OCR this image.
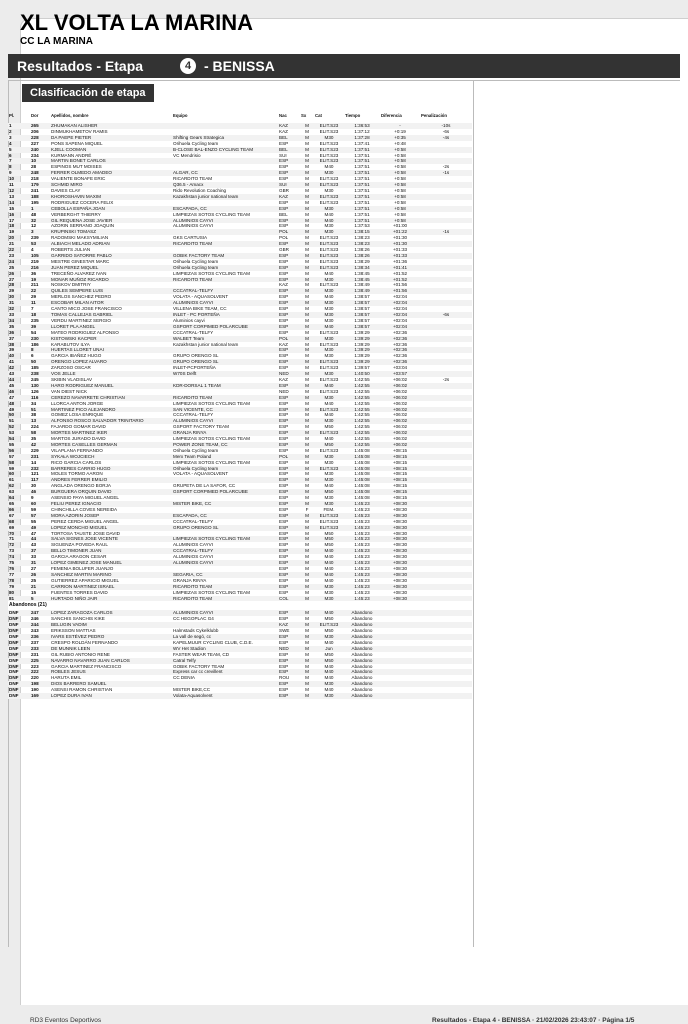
XL VOLTA LA MARINA
CC LA MARINA
Resultados - Etapa	4 - BENISSA
Clasificación de etapa
Pl.	Dor	Apellidos, nombre	Equipo	Nac	Sx	Cat	Tiempo	Diferencia	Penalización
1	265	ZHUMAKAN ALISHER		KAZ	M	ELIT.S23	1:36:53	-	-10s
2	206	DINMUKHAMETOV RAMIS		KAZ	M	ELIT.S23	1:37:12	+0:19	-6s
3	228	DA PAEPE PIETER	Shifting Gears Strategica	BEL	M	M30	1:37:28	+0:35	-4s
4	227	PONS SAPENA MIQUEL	Orihuela Cycling team	ESP	M	ELIT.S23	1:37:41	+0:48	
5	240	KJELL COOMAN	B-CLOSE BAL-ENZO CYCLING TEAM	BEL	M	ELIT.S23	1:37:51	+0:58	
6	234	KURMANN ANDRÉ	VC Mendrisio	SUI	M	ELIT.S23	1:37:51	+0:58	
7	10	MARTIN BONET CARLOS		ESP	M	ELIT.S23	1:37:51	+0:58	
8	28	ESPINOS MUT MOISES		ESP	M	M40	1:37:51	+0:58	-2s
9	248	FERRER OLMEDO AMADEO	ALGAR, CC	ESP	M	M30	1:37:51	+0:58	-1s
10	218	VALIENTE BONAFE ERIC	RICARDITO TEAM	ESP	M	ELIT.S23	1:37:51	+0:58	
11	179	SCHMID MIRO	Q36.5 - Amacx	SUI	M	ELIT.S23	1:37:51	+0:58	
12	241	DAVIES CLAY	Rido Revolution Coaching	GBR	M	M30	1:37:51	+0:58	
13	188	KHOROSHAVIN MAXIM	Kazakhstan junior national team	KAZ	M	ELIT.S23	1:37:51	+0:58	
14	195	RODRIGUEZ COCERA FELIX		ESP	M	ELIT.S23	1:37:51	+0:58	
15	1	CEBOLLA ESPAÑA JOAN	ESCAPADA, CC	ESP	M	M30	1:37:51	+0:58	
16	48	VERBERGHT THIERRY	LIMPIEZAS SOTOS CYCLING TEAM	BEL	M	M40	1:37:51	+0:58	
17	32	GIL REQUENA JOSE JAVIER	ALUMINIOS CAYVI	ESP	M	M40	1:37:51	+0:58	
18	12	AZORIN SERRANO JOAQUIN	ALUMINIOS CAYVI	ESP	M	M30	1:37:53	+01:00	
19	3	KRUPINSKI TOMASZ		POL	M	M30	1:38:15	+01:22	-1s
20	239	RADOMSKI MAKSYMILIAN	GKS CARTUSIA	POL	M	ELIT.S23	1:38:23	+01:30	
21	53	ALBIACH MELADO ADRIAN	RICARDITO TEAM	ESP	M	ELIT.S23	1:38:23	+01:30	
22	4	ROBERTS JULIAN		GBR	M	ELIT.S23	1:38:26	+01:33	
23	105	GARRIDO SATORRE PABLO	GOBIK FACTORY TEAM	ESP	M	ELIT.S23	1:38:26	+01:33	
24	219	MESTRE GINESTAR MARC	Orihuela Cycling team	ESP	M	ELIT.S23	1:38:29	+01:36	
25	216	JUAN PEREZ MIQUEL	Orihuela Cycling team	ESP	M	ELIT.S23	1:38:34	+01:41	
26	36	TRECEÑO ALVAREZ IVAN	LIMPIEZAS SOTOS CYCLING TEAM	ESP	M	M40	1:38:45	+01:52	
27	19	MONAR MUÑOZ RICARDO	RICARDITO TEAM	ESP	M	M30	1:38:45	+01:52	
28	211	NOSKOV DMITRIY		KAZ	M	ELIT.S23	1:38:49	+01:56	
29	22	QUILES SEMPERE LUIS	CCCATRAL-TELFY	ESP	M	M30	1:38:49	+01:56	
30	29	MERLOS SANCHEZ PEDRO	VOLATA - AQUASOLVENT	ESP	M	M40	1:38:57	+02:04	
31	11	ESCOBAR MILAN AITOR	ALUMINIOS CAYVI	ESP	M	M30	1:38:57	+02:04	
32	7	CANTO MICO JOSE FRANCISCO	VILLENA BIKE TEAM, CC	ESP	M	M30	1:38:57	+02:04	
33	18	TOMAS CALLEJAS GABRIEL	INLET - PC PORTEÑA	ESP	M	M30	1:38:57	+02:04	-6s
34	235	VERDU MARTINEZ SERGIO	Aluminios cayvi	ESP	M	M30	1:38:57	+02:04	
35	39	LLORET PLA ANGEL	GSPORT CORPIMED POLARCUBE	ESP	M	M40	1:38:57	+02:04	
36	54	MATEO RODRIGUEZ ALFONSO	CCCATRAL-TELFY	ESP	M	ELIT.S23	1:39:29	+02:36	
37	230	KISTOWSKI KACPER	WALBET Team	POL	M	M30	1:39:29	+02:36	
38	186	KARABUTOV ILYA	Kazakhstan junior national team	KAZ	M	ELIT.S23	1:39:29	+02:36	
39	8	HUERTAS LLORET UNAI		ESP	M	M30	1:39:29	+02:36	
40	6	GARCIA IBAÑEZ HUGO	GRUPO ORENGO SL	ESP	M	M30	1:39:29	+02:36	
41	50	ORENGO LOPEZ ALVARO	GRUPO ORENGO SL	ESP	M	ELIT.S23	1:39:29	+02:36	
42	185	ZARZOSO OSCAR	INLET-PCPORTEÑA	ESP	M	ELIT.S23	1:39:57	+03:04	
43	238	VOS JELLE	W70S Delft	NED	M	M30	1:40:50	+03:57	
44	245	SKIBIN VLADISLAV		KAZ	M	ELIT.S23	1:42:55	+06:02	-2s
45	130	HARO RODRIGUEZ MANUEL	KDR-DORSAL 1 TEAM	ESP	M	M40	1:42:55	+06:02	
46	126	VAN DIEST NICK		NED	M	ELIT.S23	1:42:55	+06:02	
47	116	CEREZO NAVARRETE CHRISTIAN	RICARDITO TEAM	ESP	M	M30	1:42:55	+06:02	
48	34	LLORCA ANTON JORGE	LIMPIEZAS SOTOS CYCLING TEAM	ESP	M	M40	1:42:55	+06:02	
49	51	MARTINEZ PICO ALEJANDRO	SAN VICENTE, CC	ESP	M	ELIT.S23	1:42:55	+06:02	
50	38	GOMEZ LOSA ENRIQUE	CCCATRAL-TELFY	ESP	M	M40	1:42:55	+06:02	
51	13	ALFONSO ROSCO SALVADOR TRINITARIO	ALUMINIOS CAYVI	ESP	M	M30	1:42:55	+06:02	
52	224	FAJARDO GOMAR DAVID	GSPORT FACTORY TEAM	ESP	M	M50	1:42:55	+06:02	
53	58	MORTES MARTINEZ IKER	GRANJA RINYA	ESP	M	ELIT.S23	1:42:55	+06:02	
54	35	MARTOS JURADO DAVID	LIMPIEZAS SOTOS CYCLING TEAM	ESP	M	M40	1:42:55	+06:02	
55	42	MORTES CASELLES GERMAN	POWER ZONE TEAM, CC	ESP	M	M50	1:42:55	+06:02	
56	229	VILAPLANA FERNANDO	Orihuela Cycling team	ESP	M	ELIT.S23	1:45:08	+08:15	
57	231	SYKAŁA WOJCIECH	Merx Team Poland	POL	M	M30	1:45:08	+08:15	
58	14	RICO GARCIA CARLOS	LIMPIEZAS SOTOS CYCLING TEAM	ESP	M	M30	1:45:08	+08:15	
59	232	BARRERES CARRIO HUGO	Orihuela Cycling team	ESP	M	ELIT.S23	1:45:08	+08:15	
60	121	MOLES TORMO AARON	VOLATA - AQUASOLVENT	ESP	M	M30	1:45:08	+08:15	
61	117	ANDRES FERRER EMILIO		ESP	M	M30	1:45:08	+08:15	
62	30	ANGLADA ORENGO BORJA	GRUPETA DE LA SAFOR, CC	ESP	M	M40	1:45:08	+08:15	
63	46	BURGUERA ORQUIN DAVID	GSPORT CORPIMED POLARCUBE	ESP	M	M50	1:45:08	+08:15	
64	9	ASENSIO PAYA MIGUEL ANGEL		ESP	M	M30	1:45:08	+08:15	
65	60	FELIU PEREZ IGNACIO	MISTER BIKE, CC	ESP	M	M30	1:45:23	+08:30	
66	59	CHINCHILLA COVES NEREIDA		ESP	F	FEM.	1:45:23	+08:30	
67	57	MORA AZORIN JOSEP	ESCAPADA, CC	ESP	M	ELIT.S23	1:45:23	+08:30	
68	55	PEREZ CERDA MIGUEL ANGEL	CCCATRAL-TELFY	ESP	M	ELIT.S23	1:45:23	+08:30	
69	49	LOPEZ MONCHO MIGUEL	GRUPO ORENGO SL	ESP	M	ELIT.S23	1:45:23	+08:30	
70	47	TORTOSA TAUSTE JOSE DAVID		ESP	M	M50	1:45:23	+08:30	
71	44	SALVA SIGNES JOSE VICENTE	LIMPIEZAS SOTOS CYCLING TEAM	ESP	M	M50	1:45:23	+08:30	
72	43	SIGUENZA POVEDA RAUL	ALUMINIOS CAYVI	ESP	M	M50	1:45:23	+08:30	
73	37	BELLO TIMONER JUAN	CCCATRAL-TELFY	ESP	M	M40	1:45:23	+08:30	
74	33	GARCIA ARAGON CESAR	ALUMINIOS CAYVI	ESP	M	M40	1:45:23	+08:30	
75	31	LOPEZ GIMENEZ JOSE MANUEL	ALUMINIOS CAYVI	ESP	M	M40	1:45:23	+08:30	
76	27	FEMENIA BOLUFER JUANJO		ESP	M	M40	1:45:23	+08:30	
77	26	SANCHEZ MARTIN MARINO	SEGARIA, CC	ESP	M	M40	1:45:23	+08:30	
78	25	GUTIERREZ APARICIO MIGUEL	GRANJA RINYA	ESP	M	M40	1:45:23	+08:30	
79	21	CARRION MARTINEZ ISRAEL	RICARDITO TEAM	ESP	M	M30	1:45:23	+08:30	
80	15	FUENTES TORRES DAVID	LIMPIEZAS SOTOS CYCLING TEAM	ESP	M	M30	1:45:23	+08:30	
81	5	HURTADO NIÑO JAIR	RICARDITO TEAM	COL	M	M30	1:45:23	+08:30	
Abandonos (21)									
DNF	247	LOPEZ ZARAGOZA CARLOS	ALUMINIOS CAYVI	ESP	M	M40	Abandono		
DNF	246	SANCHIS SANCHIS KIKE	CC HEGOPLAC G4	ESP	M	M50	Abandono		
DNF	244	BELUGIN VADIM		KAZ	M	ELIT.S23	Abandono		
DNF	243	ERIKSSON MATTIAS	Halmstads Cykelklubb	SWE	M	M50	Abandono		
DNF	236	IVARS ESTÉVEZ PEDRO	La vall de segó, cc	ESP	M	M30	Abandono		
DNF	237	CRESPO ROLDÁN FERNANDO	KAPELMUUR CYCLING CLUB, C.D.E.	ESP	M	M40	Abandono		
DNF	233	DE MUNNIK LEEN	WV Het Stadion	NED	M	Jun	Abandono		
DNF	231	GIL RUBIO ANTONIO RENE	FASTER WEAR TEAM, CD	ESP	M	M50	Abandono		
DNF	225	NAVARRO NAVARRO JUAN CARLOS	Catral Telfy	ESP	M	M50	Abandono		
DNF	223	GARCIA MARTINEZ FRANCISCO	GOBIK FACTORY TEAM	ESP	M	M40	Abandono		
DNF	222	ROBLES JESUS	Express car cc crevillent	ESP	M	M40	Abandono		
DNF	220	HARUTA EMIL	CC DENIA	ROU	M	M40	Abandono		
DNF	198	DIOS BARRERO SAMUEL		ESP	M	M30	Abandono		
DNF	190	ASENSI RAMON CHRISTIAN	MISTER BIKE,CC	ESP	M	M40	Abandono		
DNF	169	LOPEZ DURA IVAN	Volata-Aquasolvent	ESP	M	M30	Abandono		
RD3 Eventos Deportivos	Resultados - Etapa 4 - BENISSA · 21/02/2026 23:43:07 · Página 1/5
